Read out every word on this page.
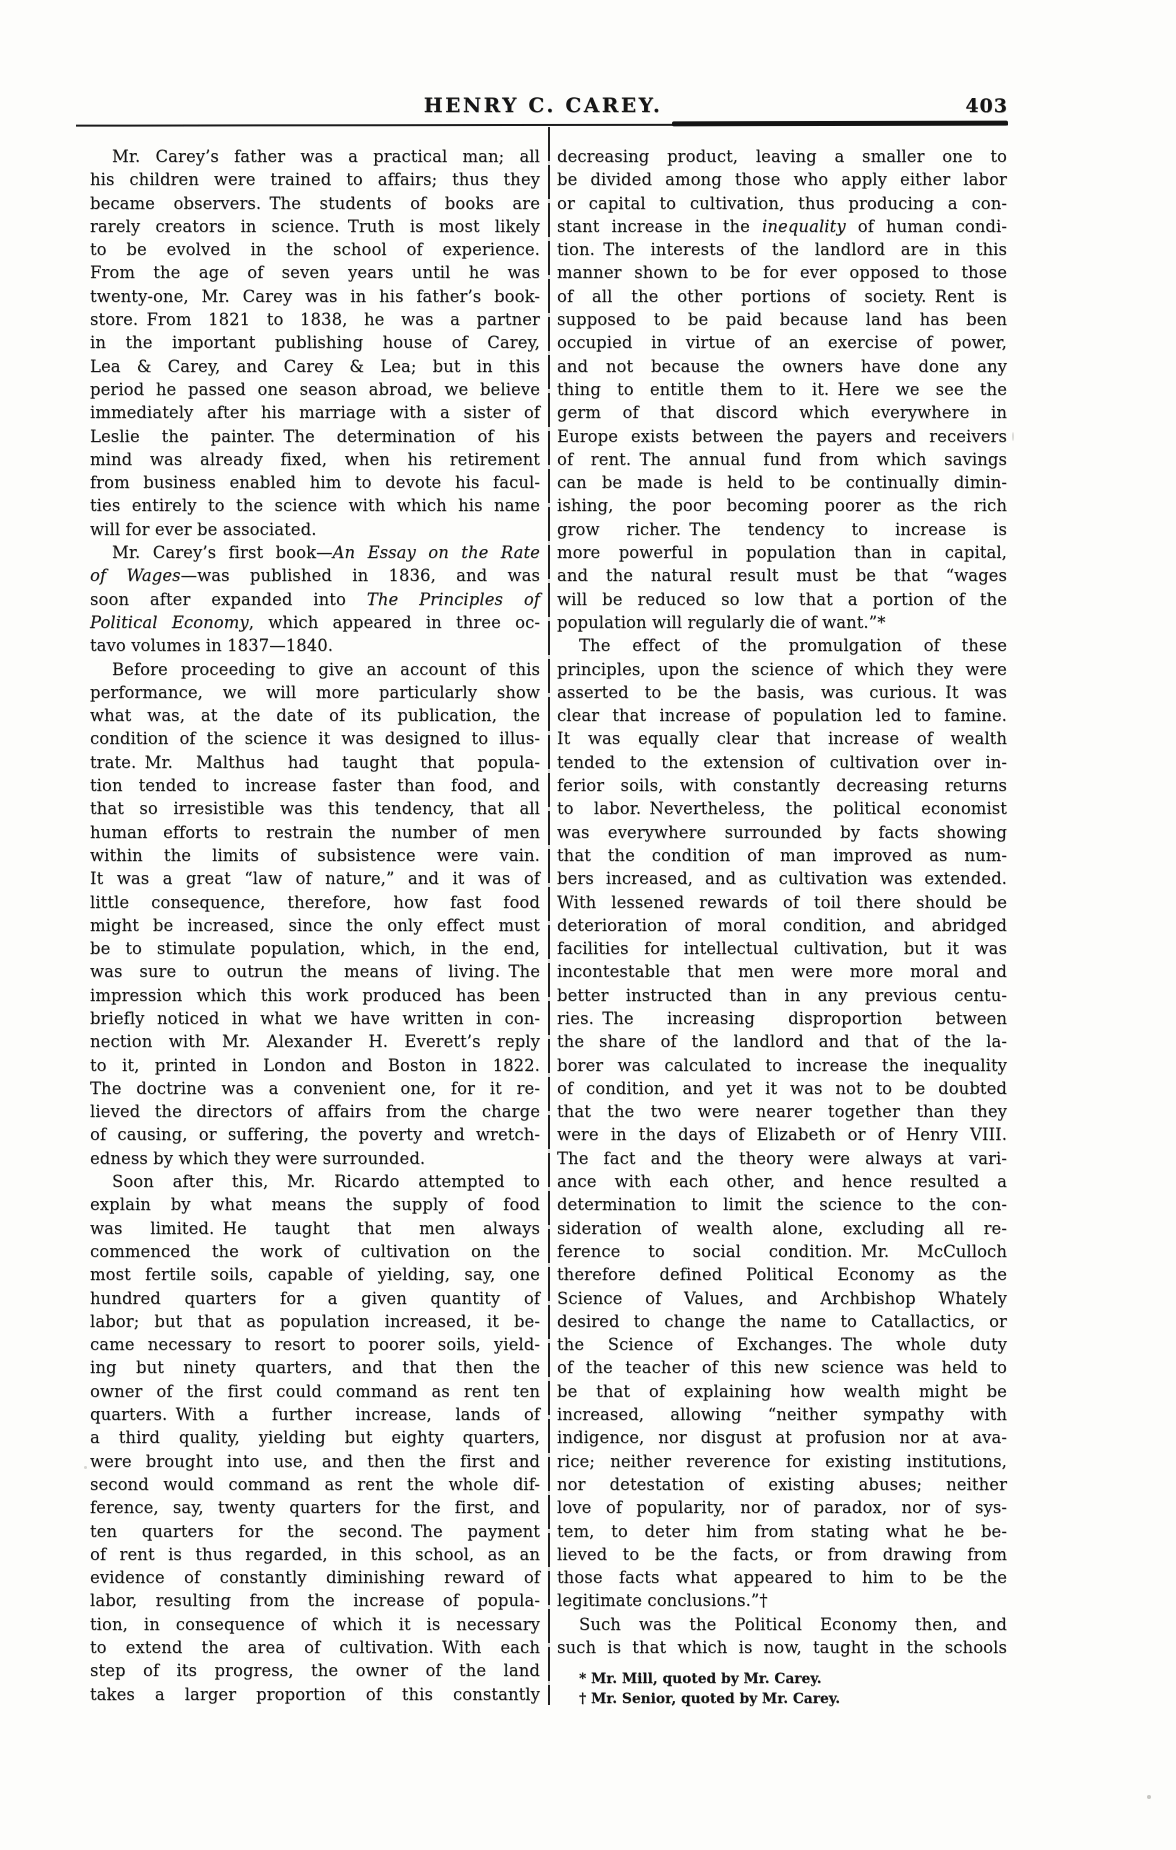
HENRY C. CAREY.	403
Mr. Carey’s father was a practical man; all
his children were trained to affairs; thus they
became observers. The students of books are
rarely creators in science. Truth is most likely
to be evolved in the school of experience.
From the age of seven years until he was
twenty-one, Mr. Carey was in his father’s book-
store. From 1821 to 1838, he was a partner
in the important publishing house of Carey,
Lea & Carey, and Carey & Lea; but in this
period he passed one season abroad, we believe
immediately after his marriage with a sister of
Leslie the painter. The determination of his
mind was already fixed, when his retirement
from business enabled him to devote his facul-
ties entirely to the science with which his name
will for ever be associated.
Mr. Carey’s first book—An Essay on the Rate
of Wages—was published in 1836, and was
soon after expanded into The Principles of
Political Economy, which appeared in three oc-
tavo volumes in 1837—1840.
Before proceeding to give an account of this
performance, we will more particularly show
what was, at the date of its publication, the
condition of the science it was designed to illus-
trate. Mr. Malthus had taught that popula-
tion tended to increase faster than food, and
that so irresistible was this tendency, that all
human efforts to restrain the number of men
within the limits of subsistence were vain.
It was a great “law of nature,” and it was of
little consequence, therefore, how fast food
might be increased, since the only effect must
be to stimulate population, which, in the end,
was sure to outrun the means of living. The
impression which this work produced has been
briefly noticed in what we have written in con-
nection with Mr. Alexander H. Everett’s reply
to it, printed in London and Boston in 1822.
The doctrine was a convenient one, for it re-
lieved the directors of affairs from the charge
of causing, or suffering, the poverty and wretch-
edness by which they were surrounded.
Soon after this, Mr. Ricardo attempted to
explain by what means the supply of food
was limited. He taught that men always
commenced the work of cultivation on the
most fertile soils, capable of yielding, say, one
hundred quarters for a given quantity of
labor; but that as population increased, it be-
came necessary to resort to poorer soils, yield-
ing but ninety quarters, and that then the
owner of the first could command as rent ten
quarters. With a further increase, lands of
a third quality, yielding but eighty quarters,
were brought into use, and then the first and
second would command as rent the whole dif-
ference, say, twenty quarters for the first, and
ten quarters for the second. The payment
of rent is thus regarded, in this school, as an
evidence of constantly diminishing reward of
labor, resulting from the increase of popula-
tion, in consequence of which it is necessary
to extend the area of cultivation. With each
step of its progress, the owner of the land
takes a larger proportion of this constantly
decreasing product, leaving a smaller one to
be divided among those who apply either labor
or capital to cultivation, thus producing a con-
stant increase in the inequality of human condi-
tion. The interests of the landlord are in this
manner shown to be for ever opposed to those
of all the other portions of society. Rent is
supposed to be paid because land has been
occupied in virtue of an exercise of power,
and not because the owners have done any
thing to entitle them to it. Here we see the
germ of that discord which everywhere in
Europe exists between the payers and receivers
of rent. The annual fund from which savings
can be made is held to be continually dimin-
ishing, the poor becoming poorer as the rich
grow richer. The tendency to increase is
more powerful in population than in capital,
and the natural result must be that “wages
will be reduced so low that a portion of the
population will regularly die of want.”*
The effect of the promulgation of these
principles, upon the science of which they were
asserted to be the basis, was curious. It was
clear that increase of population led to famine.
It was equally clear that increase of wealth
tended to the extension of cultivation over in-
ferior soils, with constantly decreasing returns
to labor. Nevertheless, the political economist
was everywhere surrounded by facts showing
that the condition of man improved as num-
bers increased, and as cultivation was extended.
With lessened rewards of toil there should be
deterioration of moral condition, and abridged
facilities for intellectual cultivation, but it was
incontestable that men were more moral and
better instructed than in any previous centu-
ries. The increasing disproportion between
the share of the landlord and that of the la-
borer was calculated to increase the inequality
of condition, and yet it was not to be doubted
that the two were nearer together than they
were in the days of Elizabeth or of Henry VIII.
The fact and the theory were always at vari-
ance with each other, and hence resulted a
determination to limit the science to the con-
sideration of wealth alone, excluding all re-
ference to social condition. Mr. McCulloch
therefore defined Political Economy as the
Science of Values, and Archbishop Whately
desired to change the name to Catallactics, or
the Science of Exchanges. The whole duty
of the teacher of this new science was held to
be that of explaining how wealth might be
increased, allowing “neither sympathy with
indigence, nor disgust at profusion nor at ava-
rice; neither reverence for existing institutions,
nor detestation of existing abuses; neither
love of popularity, nor of paradox, nor of sys-
tem, to deter him from stating what he be-
lieved to be the facts, or from drawing from
those facts what appeared to him to be the
legitimate conclusions.”†
Such was the Political Economy then, and
such is that which is now, taught in the schools
* Mr. Mill, quoted by Mr. Carey.
† Mr. Senior, quoted by Mr. Carey.
